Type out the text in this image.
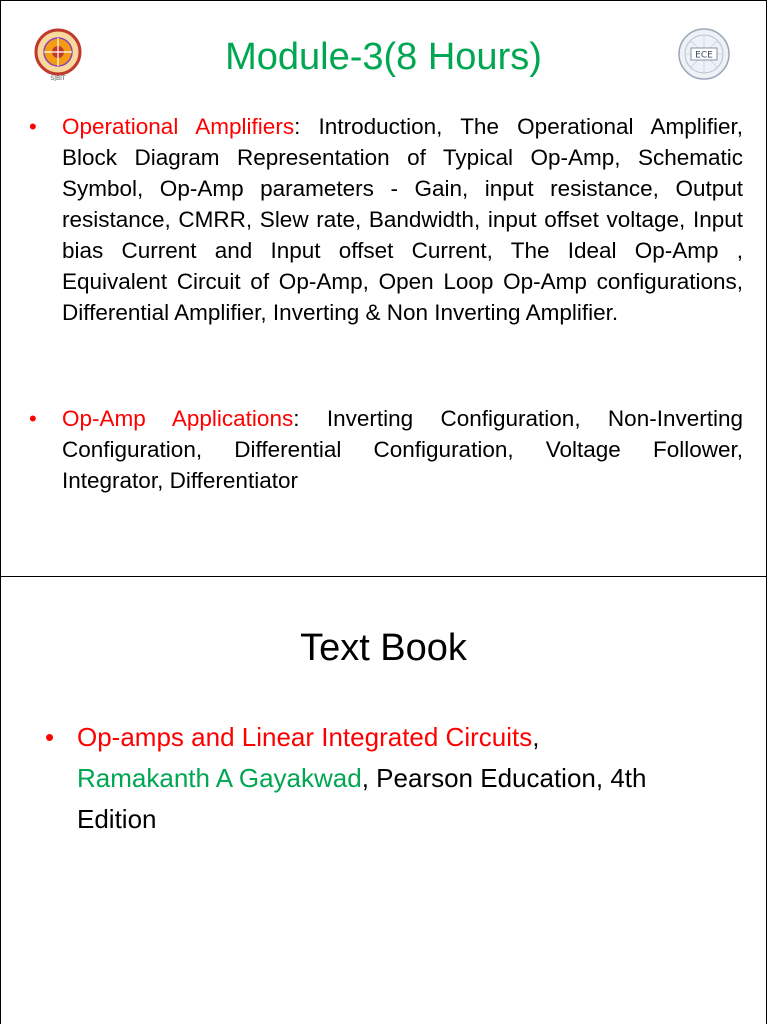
SJBIT
Module-3(8 Hours)	ECE
• Operational Amplifiers: Introduction, The Operational Amplifier, Block Diagram Representation of Typical Op-Amp, Schematic Symbol, Op-Amp parameters - Gain, input resistance, Output resistance, CMRR, Slew rate, Bandwidth, input offset voltage, Input bias Current and Input offset Current, The Ideal Op-Amp , Equivalent Circuit of Op-Amp, Open Loop Op-Amp configurations, Differential Amplifier, Inverting & Non Inverting Amplifier.
• Op-Amp Applications: Inverting Configuration, Non-Inverting Configuration, Differential Configuration, Voltage Follower, Integrator, Differentiator
Text Book
• Op-amps and Linear Integrated Circuits,
Ramakanth A Gayakwad, Pearson Education, 4th Edition
